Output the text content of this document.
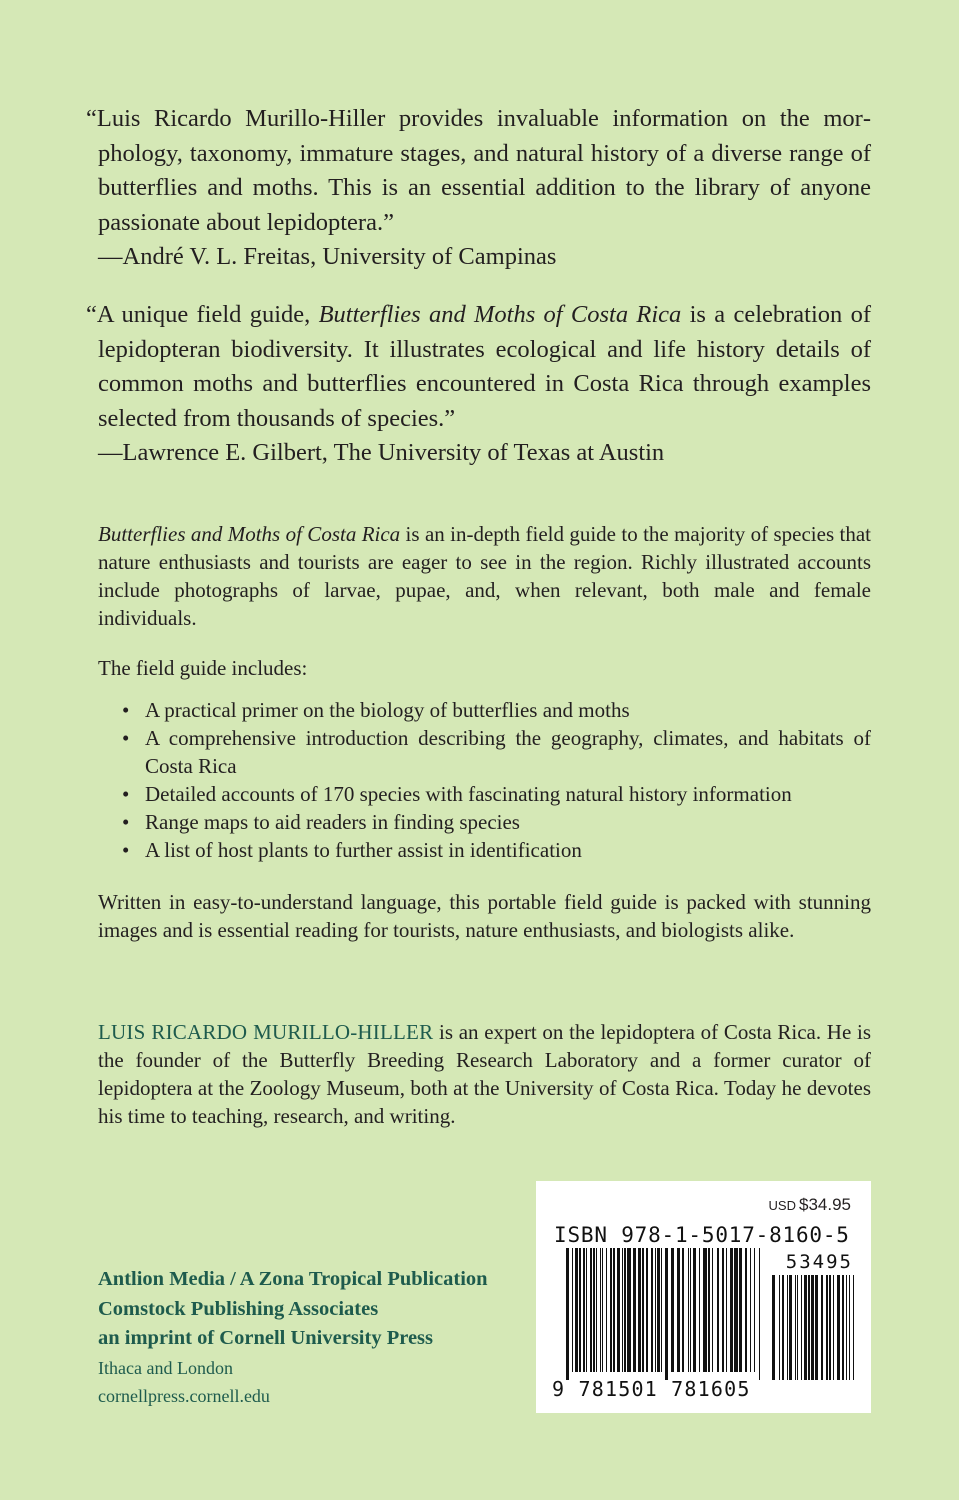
“Luis Ricardo Murillo-Hiller provides invaluable information on the morphology, taxonomy, immature stages, and natural history of a diverse range of butterflies and moths. This is an essential addition to the library of anyone passionate about lepidoptera.”
—André V. L. Freitas, University of Campinas

“A unique field guide, Butterflies and Moths of Costa Rica is a celebration of lepidopteran biodiversity. It illustrates ecological and life history details of common moths and butterflies encountered in Costa Rica through examples selected from thousands of species.”
—Lawrence E. Gilbert, The University of Texas at Austin

Butterflies and Moths of Costa Rica is an in-depth field guide to the majority of species that nature enthusiasts and tourists are eager to see in the region. Richly illustrated accounts include photographs of larvae, pupae, and, when relevant, both male and female individuals.

The field guide includes:

• A practical primer on the biology of butterflies and moths
• A comprehensive introduction describing the geography, climates, and habitats of Costa Rica
• Detailed accounts of 170 species with fascinating natural history information
• Range maps to aid readers in finding species
• A list of host plants to further assist in identification

Written in easy-to-understand language, this portable field guide is packed with stunning images and is essential reading for tourists, nature enthusiasts, and biologists alike.

LUIS RICARDO MURILLO-HILLER is an expert on the lepidoptera of Costa Rica. He is the founder of the Butterfly Breeding Research Laboratory and a former curator of lepidoptera at the Zoology Museum, both at the University of Costa Rica. Today he devotes his time to teaching, research, and writing.

Antlion Media / A Zona Tropical Publication
Comstock Publishing Associates
an imprint of Cornell University Press
Ithaca and London
cornellpress.cornell.edu
USD $34.95
ISBN 978-1-5017-8160-5
53495
9 781501 781605
